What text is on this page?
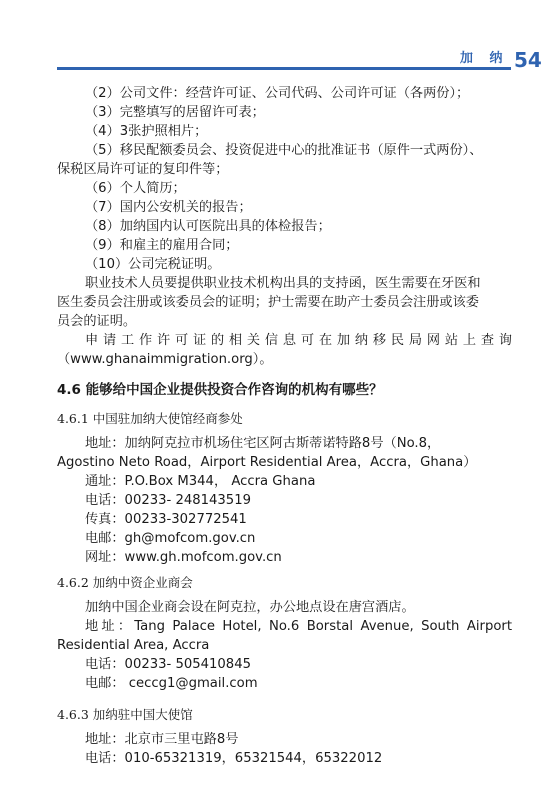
加 纳 54
（2）公司文件：经营许可证、公司代码、公司许可证（各两份）；
（3）完整填写的居留许可表；
（4）3张护照相片；
（5）移民配额委员会、投资促进中心的批准证书（原件一式两份）、
保税区局许可证的复印件等；
（6）个人简历；
（7）国内公安机关的报告；
（8）加纳国内认可医院出具的体检报告；
（9）和雇主的雇用合同；
（10）公司完税证明。
职业技术人员要提供职业技术机构出具的支持函，医生需要在牙医和
医生委员会注册或该委员会的证明；护士需要在助产士委员会注册或该委
员会的证明。
申请工作许可证的相关信息可在加纳移民局网站上查询
（www.ghanaimmigration.org）。
4.6 能够给中国企业提供投资合作咨询的机构有哪些？
4.6.1 中国驻加纳大使馆经商参处
地址：加纳阿克拉市机场住宅区阿古斯蒂诺特路8号（No.8，
Agostino Neto Road，Airport Residential Area，Accra，Ghana）
通址：P.O.Box M344， Accra Ghana
电话：00233- 248143519
传真：00233-302772541
电邮：gh@mofcom.gov.cn
网址：www.gh.mofcom.gov.cn
4.6.2 加纳中资企业商会
加纳中国企业商会设在阿克拉，办公地点设在唐宫酒店。
地址：Tang Palace Hotel, No.6 Borstal Avenue, South Airport
Residential Area, Accra
电话：00233- 505410845
电邮： ceccg1@gmail.com
4.6.3 加纳驻中国大使馆
地址：北京市三里屯路8号
电话：010-65321319，65321544，65322012
